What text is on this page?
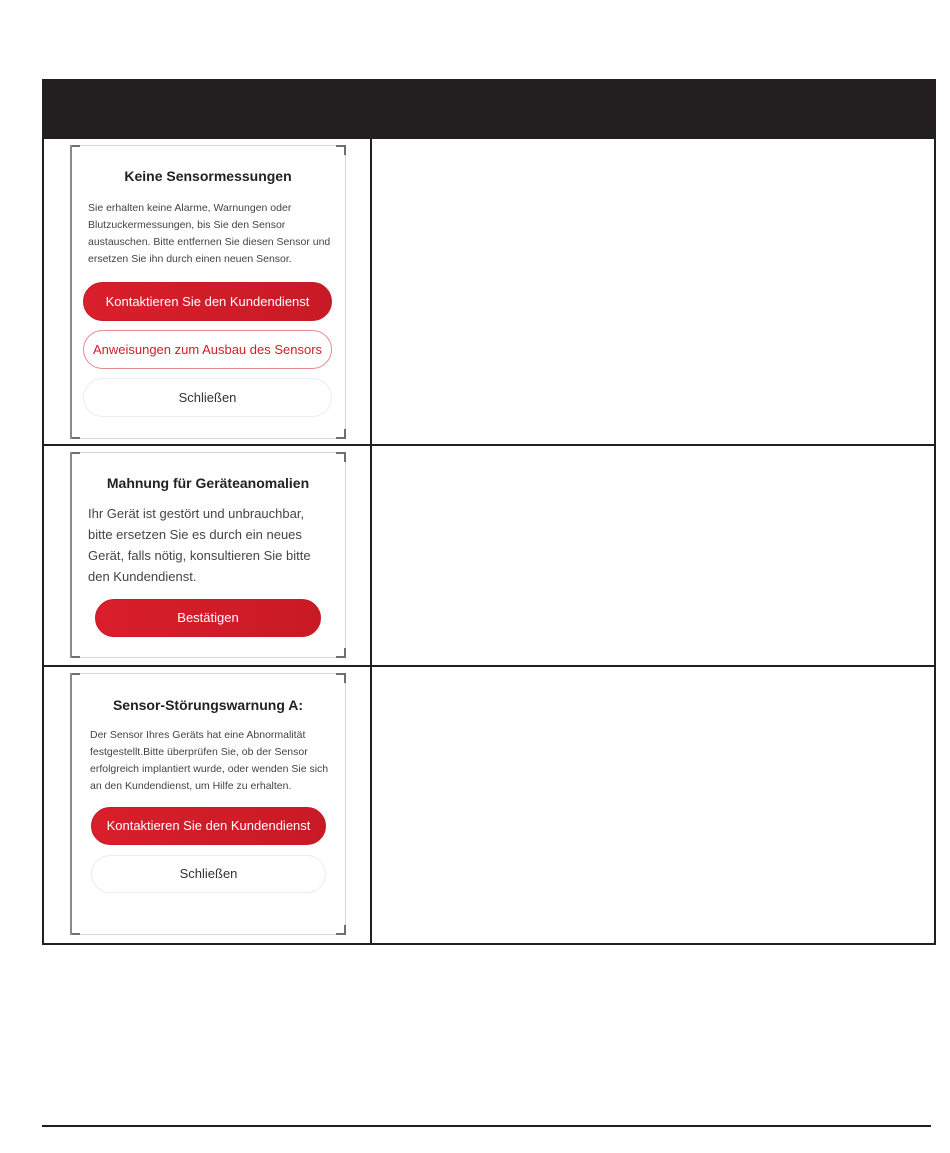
Keine Sensormessungen

Sie erhalten keine Alarme, Warnungen oder Blutzuckermessungen, bis Sie den Sensor austauschen. Bitte entfernen Sie diesen Sensor und ersetzen Sie ihn durch einen neuen Sensor.

Kontaktieren Sie den Kundendienst
Anweisungen zum Ausbau des Sensors
Schließen	

Mahnung für Geräteanomalien

Ihr Gerät ist gestört und unbrauchbar, bitte ersetzen Sie es durch ein neues Gerät, falls nötig, konsultieren Sie bitte den Kundendienst.

Bestätigen	

Sensor-Störungswarnung A:

Der Sensor Ihres Geräts hat eine Abnormalität festgestellt.Bitte überprüfen Sie, ob der Sensor erfolgreich implantiert wurde, oder wenden Sie sich an den Kundendienst, um Hilfe zu erhalten.

Kontaktieren Sie den Kundendienst
Schließen	
